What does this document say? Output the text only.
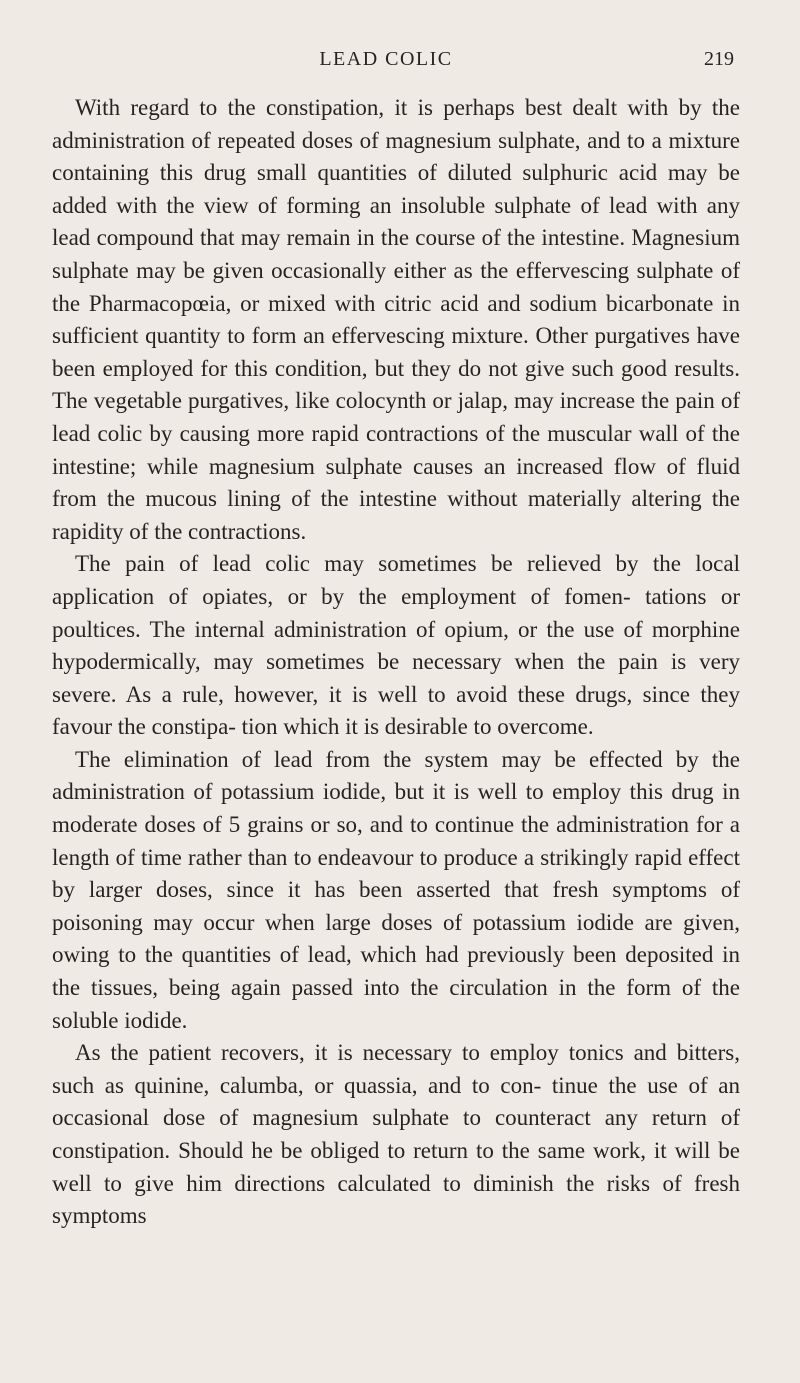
LEAD COLIC	219

With regard to the constipation, it is perhaps best dealt with by the administration of repeated doses of magnesium sulphate, and to a mixture containing this drug small quantities of diluted sulphuric acid may be added with the view of forming an insoluble sulphate of lead with any lead compound that may remain in the course of the intestine. Magnesium sulphate may be given occasionally either as the effervescing sulphate of the Pharmacopœia, or mixed with citric acid and sodium bicarbonate in sufficient quantity to form an effervescing mixture. Other purgatives have been employed for this condition, but they do not give such good results. The vegetable purgatives, like colocynth or jalap, may increase the pain of lead colic by causing more rapid contractions of the muscular wall of the intestine; while magnesium sulphate causes an increased flow of fluid from the mucous lining of the intestine without materially altering the rapidity of the contractions.

The pain of lead colic may sometimes be relieved by the local application of opiates, or by the employment of fomen- tations or poultices. The internal administration of opium, or the use of morphine hypodermically, may sometimes be necessary when the pain is very severe. As a rule, however, it is well to avoid these drugs, since they favour the constipa- tion which it is desirable to overcome.

The elimination of lead from the system may be effected by the administration of potassium iodide, but it is well to employ this drug in moderate doses of 5 grains or so, and to continue the administration for a length of time rather than to endeavour to produce a strikingly rapid effect by larger doses, since it has been asserted that fresh symptoms of poisoning may occur when large doses of potassium iodide are given, owing to the quantities of lead, which had previously been deposited in the tissues, being again passed into the circulation in the form of the soluble iodide.

As the patient recovers, it is necessary to employ tonics and bitters, such as quinine, calumba, or quassia, and to con- tinue the use of an occasional dose of magnesium sulphate to counteract any return of constipation. Should he be obliged to return to the same work, it will be well to give him directions calculated to diminish the risks of fresh symptoms
